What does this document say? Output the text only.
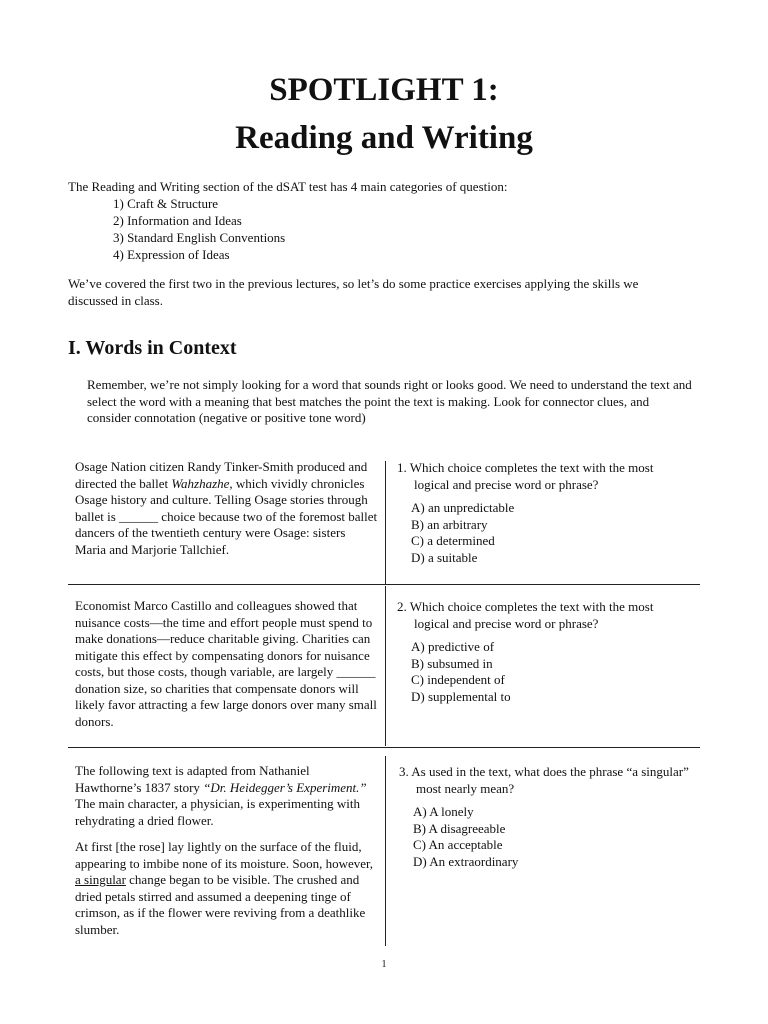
SPOTLIGHT 1:
Reading and Writing
The Reading and Writing section of the dSAT test has 4 main categories of question:
1) Craft & Structure
2) Information and Ideas
3) Standard English Conventions
4) Expression of Ideas
We’ve covered the first two in the previous lectures, so let’s do some practice exercises applying the skills we discussed in class.
I. Words in Context
Remember, we’re not simply looking for a word that sounds right or looks good. We need to understand the text and select the word with a meaning that best matches the point the text is making. Look for connector clues, and consider connotation (negative or positive tone word)

Osage Nation citizen Randy Tinker-Smith produced and directed the ballet Wahzhazhe, which vividly chronicles Osage history and culture. Telling Osage stories through ballet is ______ choice because two of the foremost ballet dancers of the twentieth century were Osage: sisters Maria and Marjorie Tallchief.

1. Which choice completes the text with the most logical and precise word or phrase?
A) an unpredictable
B) an arbitrary
C) a determined
D) a suitable

Economist Marco Castillo and colleagues showed that nuisance costs—the time and effort people must spend to make donations—reduce charitable giving. Charities can mitigate this effect by compensating donors for nuisance costs, but those costs, though variable, are largely ______ donation size, so charities that compensate donors will likely favor attracting a few large donors over many small donors.

2. Which choice completes the text with the most logical and precise word or phrase?
A) predictive of
B) subsumed in
C) independent of
D) supplemental to

The following text is adapted from Nathaniel Hawthorne’s 1837 story “Dr. Heidegger’s Experiment.” The main character, a physician, is experimenting with rehydrating a dried flower.

At first [the rose] lay lightly on the surface of the fluid, appearing to imbibe none of its moisture. Soon, however, a singular change began to be visible. The crushed and dried petals stirred and assumed a deepening tinge of crimson, as if the flower were reviving from a deathlike slumber.

3. As used in the text, what does the phrase “a singular” most nearly mean?
A) A lonely
B) A disagreeable
C) An acceptable
D) An extraordinary
1
